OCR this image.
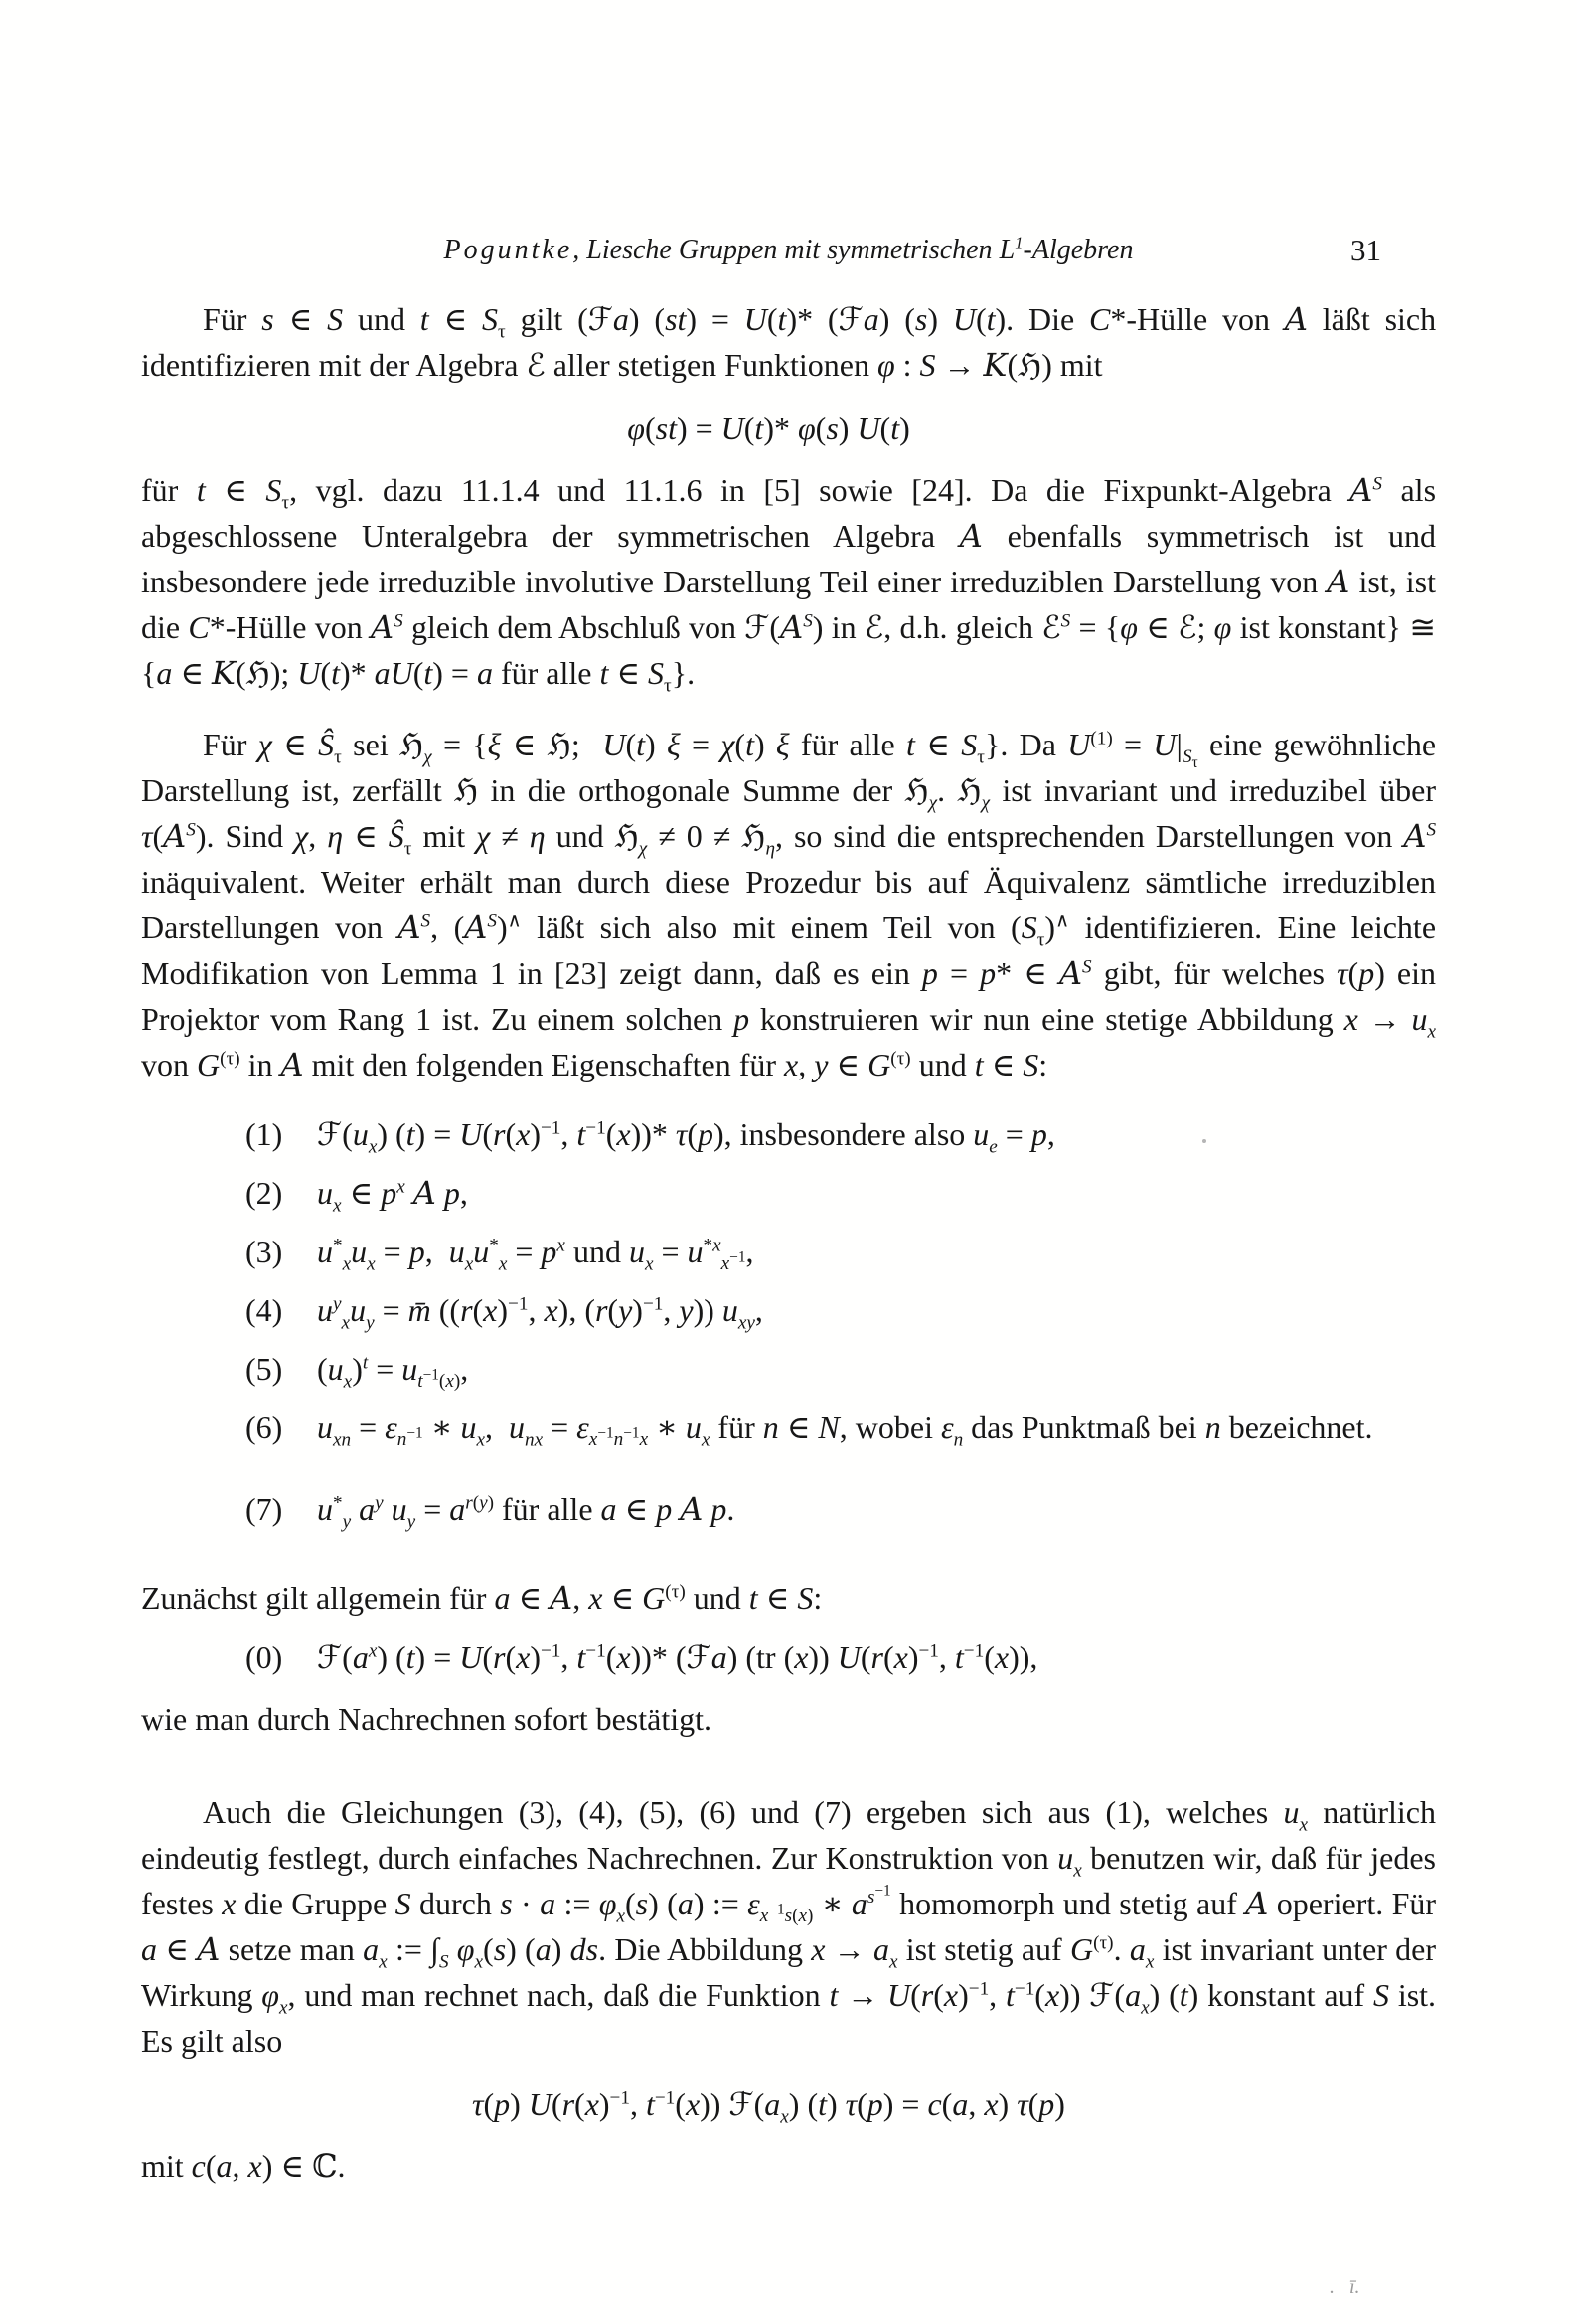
Poguntke, Liesche Gruppen mit symmetrischen $L^1$-Algebren	31

Für s ∈ S und t ∈ $S_\tau$ gilt (ℱa) (st) = U(t)* (ℱa) (s) U(t). Die C*-Hülle von A läßt sich identifizieren mit der Algebra ℰ aller stetigen Funktionen φ : S → K(ℌ) mit

φ(st) = U(t)* φ(s) U(t)

für t ∈ $S_\tau$, vgl. dazu 11.1.4 und 11.1.6 in [5] sowie [24]. Da die Fixpunkt-Algebra $A^S$ als abgeschlossene Unteralgebra der symmetrischen Algebra A ebenfalls symmetrisch ist und insbesondere jede irreduzible involutive Darstellung Teil einer irreduziblen Darstellung von A ist, ist die C*-Hülle von $A^S$ gleich dem Abschluß von $ℱ(A^S)$ in ℰ, d.h. gleich ℰ$^S$ = {φ ∈ ℰ; φ ist konstant} ≅ {a ∈ K(ℌ); U(t)* aU(t) = a für alle t ∈ $S_\tau$}.

Für χ ∈ $Ŝ_\tau$ sei ℌ$_\chi$ = {ξ ∈ ℌ;  U(t) ξ = χ(t) ξ für alle t ∈ $S_\tau$}. Da $U^{(1)} = U|_{S_\tau}$ eine gewöhnliche Darstellung ist, zerfällt ℌ in die orthogonale Summe der ℌ$_\chi$. ℌ$_\chi$ ist invariant und irreduzibel über $\tau(A^S)$. Sind χ, η ∈ $Ŝ_\tau$ mit χ ≠ η und ℌ$_\chi$ ≠ 0 ≠ ℌ$_\eta$, so sind die entsprechenden Darstellungen von $A^S$ inäquivalent. Weiter erhält man durch diese Prozedur bis auf Äquivalenz sämtliche irreduziblen Darstellungen von $A^S$, $(A^S)^\wedge$ läßt sich also mit einem Teil von $(S_\tau)^\wedge$ identifizieren. Eine leichte Modifikation von Lemma 1 in [23] zeigt dann, daß es ein p = p* ∈ $A^S$ gibt, für welches τ(p) ein Projektor vom Rang 1 ist. Zu einem solchen p konstruieren wir nun eine stetige Abbildung $x \to u_x$ von $G^{(\tau)}$ in A mit den folgenden Eigenschaften für x, y ∈ $G^{(\tau)}$ und t ∈ S:

(1)	$ℱ(u_x) (t) = U(r(x)^{-1}$, $t^{-1}(x))*$ τ(p), insbesondere also $u_e = p$,
(2)	$u_x$ ∈ $p^x$ A p,
(3)	$u^*_xu_x = p$,  $u_xu^*_x = p^x$ und $u_x = u^{*x}_{x^{-1}}$,
(4)	$u^y_xu_y$ = m̄ (($r(x)^{-1}$, x), ($r(y)^{-1}$, y)) $u_{xy}$,
(5)	$(u_x)^t = u_{t^{-1}(x)}$,
(6)	$u_{xn} = \varepsilon_{n^{-1}}$ ∗ $u_x$,  $u_{nx} = \varepsilon_{x^{-1}n^{-1}x}$ ∗ $u_x$ für n ∈ N, wobei $\varepsilon_n$ das Punktmaß bei n bezeichnet.
(7)	$u^*_y$ $a^y$ $u_y = a^{r(y)}$ für alle a ∈ p A p.

Zunächst gilt allgemein für a ∈ A, x ∈ $G^{(\tau)}$ und t ∈ S:

(0)	$ℱ(a^x) (t) = U(r(x)^{-1}$, $t^{-1}(x))*$ (ℱa) (tr (x)) $U(r(x)^{-1}$, $t^{-1}(x)$),

wie man durch Nachrechnen sofort bestätigt.

Auch die Gleichungen (3), (4), (5), (6) und (7) ergeben sich aus (1), welches $u_x$ natürlich eindeutig festlegt, durch einfaches Nachrechnen. Zur Konstruktion von $u_x$ benutzen wir, daß für jedes festes x die Gruppe S durch s · a := $\varphi_x(s)$ (a) := $\varepsilon_{x^{-1}s(x)}$ ∗ $a^{s^{-1}}$ homomorph und stetig auf A operiert. Für a ∈ A setze man $a_x$ := $\int_S$ $\varphi_x(s)$ (a) ds. Die Abbildung $x \to a_x$ ist stetig auf $G^{(\tau)}$. $a_x$ ist invariant unter der Wirkung $\varphi_x$, und man rechnet nach, daß die Funktion $t \to U(r(x)^{-1}$, $t^{-1}(x)$) $ℱ(a_x)$ (t) konstant auf S ist. Es gilt also

τ(p) $U(r(x)^{-1}$, $t^{-1}(x)$) $ℱ(a_x)$ (t) τ(p) = c(a, x) τ(p)

mit c(a, x) ∈ ℂ.

.   ī.
